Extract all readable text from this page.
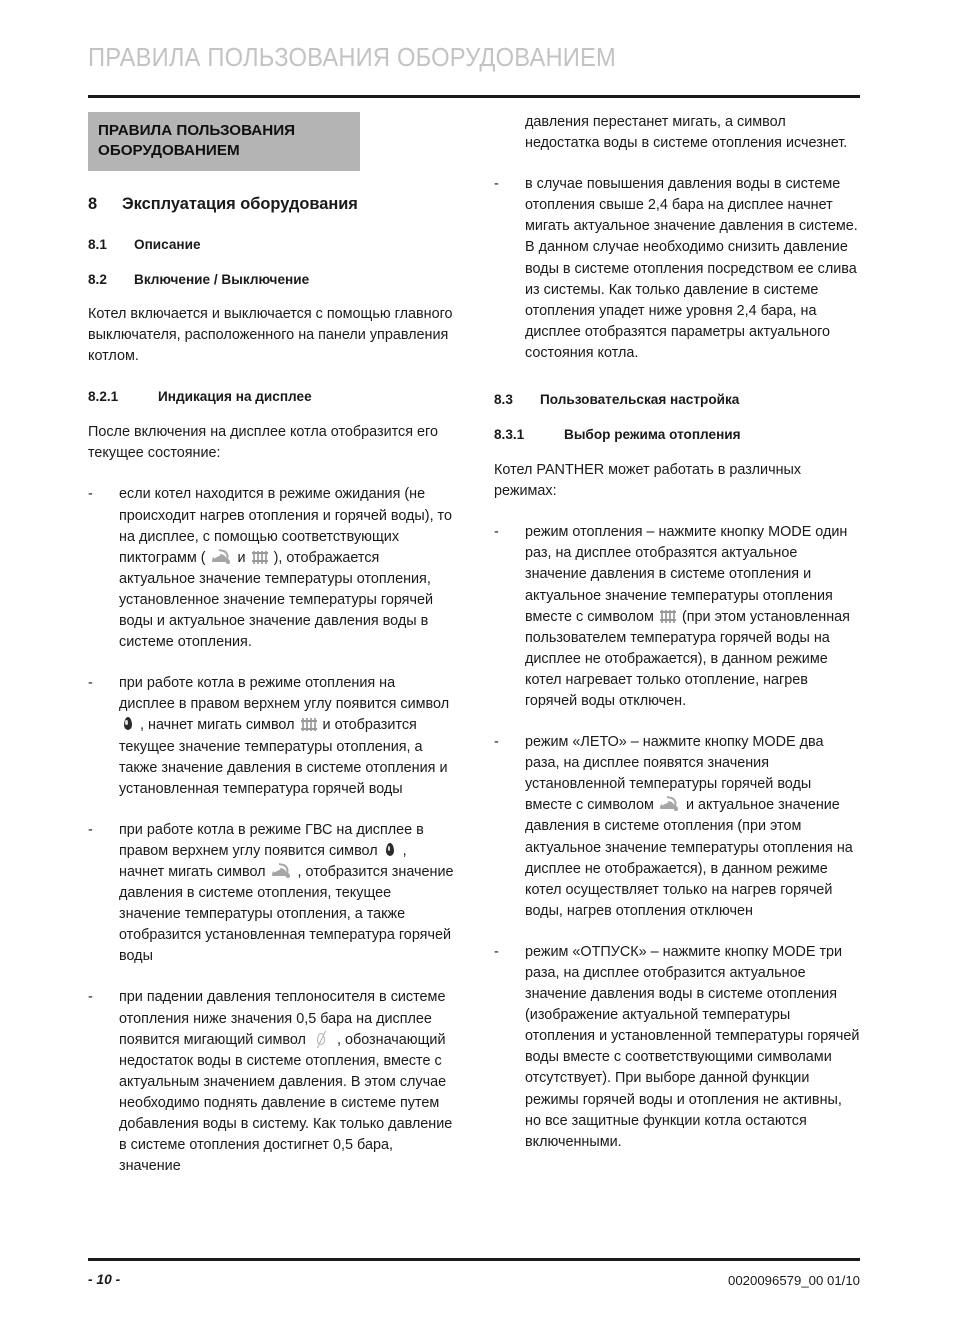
ПРАВИЛА ПОЛЬЗОВАНИЯ ОБОРУДОВАНИЕМ
ПРАВИЛА ПОЛЬЗОВАНИЯ
ОБОРУДОВАНИЕМ
8	Эксплуатация оборудования
8.1	Описание
8.2	Включение / Выключение

Котел включается и выключается с помощью главного выключателя, расположенного на панели управления котлом.

8.2.1	Индикация на дисплее

После включения на дисплее котла отобразится его текущее состояние:

-	если котел находится в режиме ожидания (не происходит нагрев отопления и горячей воды), то на дисплее, с помощью соответствующих пиктограмм (
и
), отображается актуальное значение температуры отопления, установленное значение температуры горячей воды и актуальное значение давления воды в системе отопления.
-	при работе котла в режиме отопления на дисплее в правом верхнем углу появится символ
, начнет мигать символ
и отобразится текущее значение температуры отопления, а также значение давления в системе отопления и установленная температура горячей воды
-	при работе котла в режиме ГВС на дисплее в правом верхнем углу появится символ
, начнет мигать символ
, отобразится значение давления в системе отопления, текущее значение температуры отопления, а также отобразится установленная температура горячей воды
-	при падении давления теплоносителя в системе отопления ниже значения 0,5 бара на дисплее появится мигающий символ
, обозначающий недостаток воды в системе отопления, вместе с актуальным значением давления. В этом случае необходимо поднять давление в системе путем добавления воды в систему. Как только давление в системе отопления достигнет 0,5 бара, значение
давления перестанет мигать, а символ недостатка воды в системе отопления исчезнет.
-	в случае повышения давления воды в системе отопления свыше 2,4 бара на дисплее начнет мигать актуальное значение давления в системе. В данном случае необходимо снизить давление воды в системе отопления посредством ее слива из системы. Как только давление в системе отопления упадет ниже уровня 2,4 бара, на дисплее отобразятся параметры актуального состояния котла.
8.3	Пользовательская настройка
8.3.1	Выбор режима отопления

Котел PANTHER может работать в различных режимах:

-	режим отопления – нажмите кнопку MODE один раз, на дисплее отобразятся актуальное значение давления в системе отопления и актуальное значение температуры отопления вместе с символом
(при этом установленная пользователем температура горячей воды на дисплее не отображается), в данном режиме котел нагревает только отопление, нагрев горячей воды отключен.
-	режим «ЛЕТО» – нажмите кнопку MODE два раза, на дисплее появятся значения установленной температуры горячей воды вместе с символом
и актуальное значение давления в системе отопления (при этом актуальное значение температуры отопления на дисплее не отображается), в данном режиме котел осуществляет только на нагрев горячей воды, нагрев отопления отключен
-	режим «ОТПУСК» – нажмите кнопку MODE три раза, на дисплее отобразится актуальное значение давления воды в системе отопления (изображение актуальной температуры отопления и установленной температуры горячей воды вместе с соответствующими символами отсутствует). При выборе данной функции режимы горячей воды и отопления не активны, но все защитные функции котла остаются включенными.
- 10 -	0020096579_00 01/10
